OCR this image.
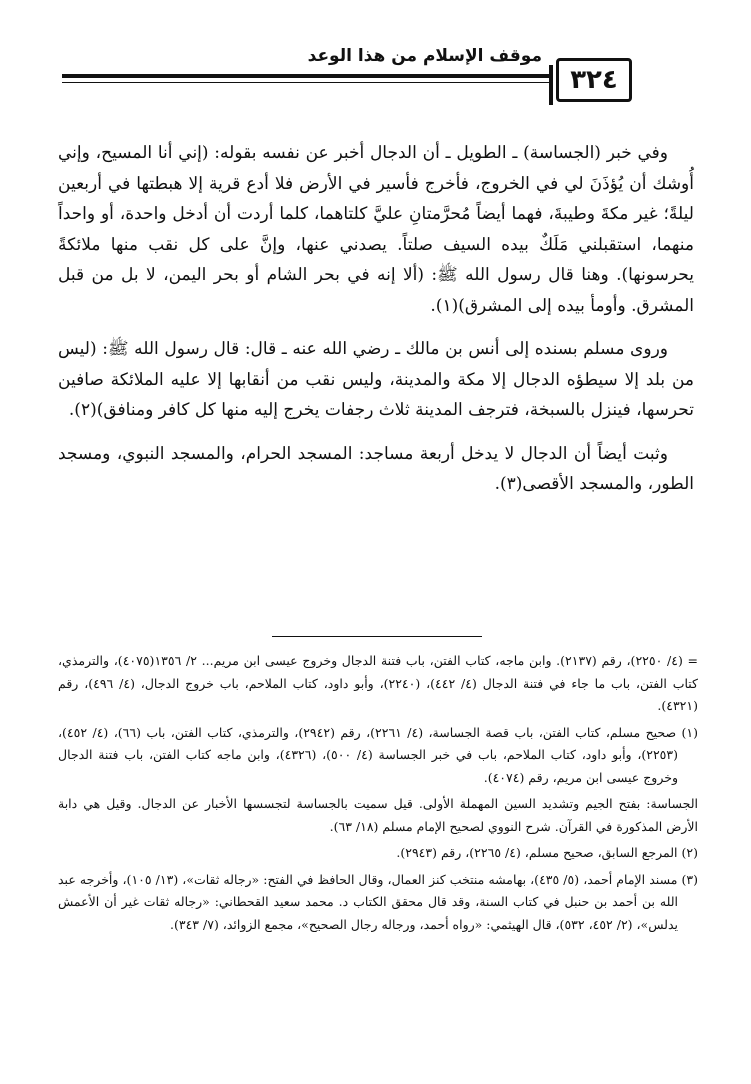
موقف الإسلام من هذا الوعد
٣٢٤

وفي خبر (الجساسة) ـ الطويل ـ أن الدجال أخبر عن نفسه بقوله: (إني أنا المسيح، وإني أُوشك أن يُؤذَنَ لي في الخروج، فأخرج فأسير في الأرض فلا أدع قرية إلا هبطتها في أربعين ليلةً؛ غير مكةَ وطيبةَ، فهما أيضاً مُحرَّمتانِ عليَّ كلتاهما، كلما أردت أن أدخل واحدة، أو واحداً منهما، استقبلني مَلَكٌ بيده السيف صلتاً. يصدني عنها، وإنَّ على كل نقب منها ملائكةً يحرسونها). وهنا قال رسول الله ﷺ: (ألا إنه في بحر الشام أو بحر اليمن، لا بل من قبل المشرق. وأومأ بيده إلى المشرق)(١).

وروى مسلم بسنده إلى أنس بن مالك ـ رضي الله عنه ـ قال: قال رسول الله ﷺ: (ليس من بلد إلا سيطؤه الدجال إلا مكة والمدينة، وليس نقب من أنقابها إلا عليه الملائكة صافين تحرسها، فينزل بالسبخة، فترجف المدينة ثلاث رجفات يخرج إليه منها كل كافر ومنافق)(٢).

وثبت أيضاً أن الدجال لا يدخل أربعة مساجد: المسجد الحرام، والمسجد النبوي، ومسجد الطور، والمسجد الأقصى(٣).

= (٤/ ٢٢٥٠)، رقم (٢١٣٧). وابن ماجه، كتاب الفتن، باب فتنة الدجال وخروج عيسى ابن مريم... ٢/ ١٣٥٦(٤٠٧٥)، والترمذي، كتاب الفتن، باب ما جاء في فتنة الدجال (٤/ ٤٤٢)، (٢٢٤٠)، وأبو داود، كتاب الملاحم، باب خروج الدجال، (٤/ ٤٩٦)، رقم (٤٣٢١).

(١) صحيح مسلم، كتاب الفتن، باب قصة الجساسة، (٤/ ٢٢٦١)، رقم (٢٩٤٢)، والترمذي، كتاب الفتن، باب (٦٦)، (٤/ ٤٥٢)، (٢٢٥٣)، وأبو داود، كتاب الملاحم، باب في خبر الجساسة (٤/ ٥٠٠)، (٤٣٢٦)، وابن ماجه كتاب الفتن، باب فتنة الدجال وخروج عيسى ابن مريم، رقم (٤٠٧٤).

الجساسة: بفتح الجيم وتشديد السين المهملة الأولى. قيل سميت بالجساسة لتجسسها الأخبار عن الدجال. وقيل هي دابة الأرض المذكورة في القرآن. شرح النووي لصحيح الإمام مسلم (١٨/ ٦٣).

(٢) المرجع السابق، صحيح مسلم، (٤/ ٢٢٦٥)، رقم (٢٩٤٣).

(٣) مسند الإمام أحمد، (٥/ ٤٣٥)، بهامشه منتخب كنز العمال، وقال الحافظ في الفتح: «رجاله ثقات»، (١٣/ ١٠٥)، وأخرجه عبد الله بن أحمد بن حنبل في كتاب السنة، وقد قال محقق الكتاب د. محمد سعيد القحطاني: «رجاله ثقات غير أن الأعمش يدلس»، (٢/ ٤٥٢، ٥٣٢)، قال الهيثمي: «رواه أحمد، ورجاله رجال الصحيح»، مجمع الزوائد، (٧/ ٣٤٣).
